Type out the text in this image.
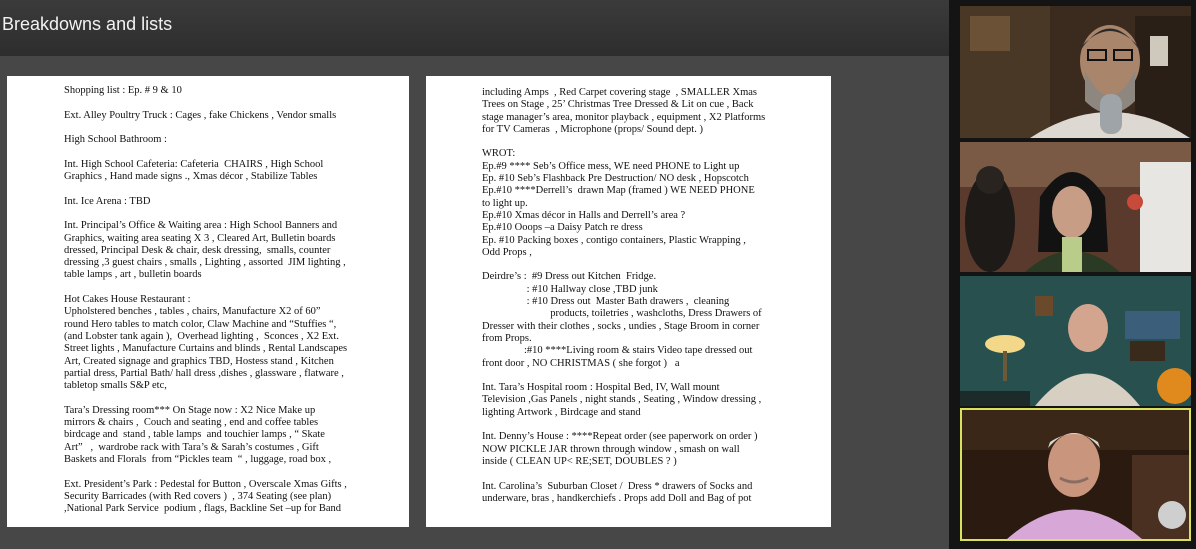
Breakdowns and lists
Shopping list : Ep. # 9 & 10
Ext. Alley Poultry Truck : Cages , fake Chickens , Vendor smalls
High School Bathroom :
Int. High School Cafeteria: Cafeteria  CHAIRS , High School
Graphics , Hand made signs ., Xmas décor , Stabilize Tables
Int. Ice Arena : TBD
Int. Principal’s Office & Waiting area : High School Banners and
Graphics, waiting area seating X 3 , Cleared Art, Bulletin boards
dressed, Principal Desk & chair, desk dressing,  smalls, counter
dressing ,3 guest chairs , smalls , Lighting , assorted  JIM lighting ,
table lamps , art , bulletin boards
Hot Cakes House Restaurant :
Upholstered benches , tables , chairs, Manufacture X2 of 60”
round Hero tables to match color, Claw Machine and “Stuffies “,
(and Lobster tank again ),  Overhead lighting ,  Sconces , X2 Ext.
Street lights , Manufacture Curtains and blinds , Rental Landscapes
Art, Created signage and graphics TBD, Hostess stand , Kitchen
partial dress, Partial Bath/ hall dress ,dishes , glassware , flatware ,
tabletop smalls S&P etc,
Tara’s Dressing room*** On Stage now : X2 Nice Make up
mirrors & chairs ,  Couch and seating , end and coffee tables
birdcage and  stand , table lamps  and touchier lamps , “ Skate
Art”   ,  wardrobe rack with Tara’s & Sarah’s costumes , Gift
Baskets and Florals  from “Pickles team  “ , luggage, road box ,
Ext. President’s Park : Pedestal for Button , Overscale Xmas Gifts ,
Security Barricades (with Red covers )  , 374 Seating (see plan)
,National Park Service  podium , flags, Backline Set –up for Band
including Amps  , Red Carpet covering stage  , SMALLER Xmas
Trees on Stage , 25’ Christmas Tree Dressed & Lit on cue , Back
stage manager’s area, monitor playback , equipment , X2 Platforms
for TV Cameras  , Microphone (props/ Sound dept. )
WROT:
Ep.#9 **** Seb’s Office mess, WE need PHONE to Light up
Ep. #10 Seb’s Flashback Pre Destruction/ NO desk , Hopscotch
Ep.#10 ****Derrell’s  drawn Map (framed ) WE NEED PHONE
to light up.
Ep.#10 Xmas décor in Halls and Derrell’s area ?
Ep.#10 Ooops –a Daisy Patch re dress
Ep. #10 Packing boxes , contigo containers, Plastic Wrapping ,
Odd Props ,
Deirdre’s :  #9 Dress out Kitchen  Fridge.
: #10 Hallway close ,TBD junk
: #10 Dress out  Master Bath drawers ,  cleaning
products, toiletries , washcloths, Dress Drawers of
Dresser with their clothes , socks , undies , Stage Broom in corner
from Props.
:#10 ****Living room & stairs Video tape dressed out
front door , NO CHRISTMAS ( she forgot )   a
Int. Tara’s Hospital room : Hospital Bed, IV, Wall mount
Television ,Gas Panels , night stands , Seating , Window dressing ,
lighting Artwork , Birdcage and stand
Int. Denny’s House : ****Repeat order (see paperwork on order )
NOW PICKLE JAR thrown through window , smash on wall
inside ( CLEAN UP< RE;SET, DOUBLES ? )
Int. Carolina’s  Suburban Closet /  Dress * drawers of Socks and
underware, bras , handkerchiefs . Props add Doll and Bag of pot
